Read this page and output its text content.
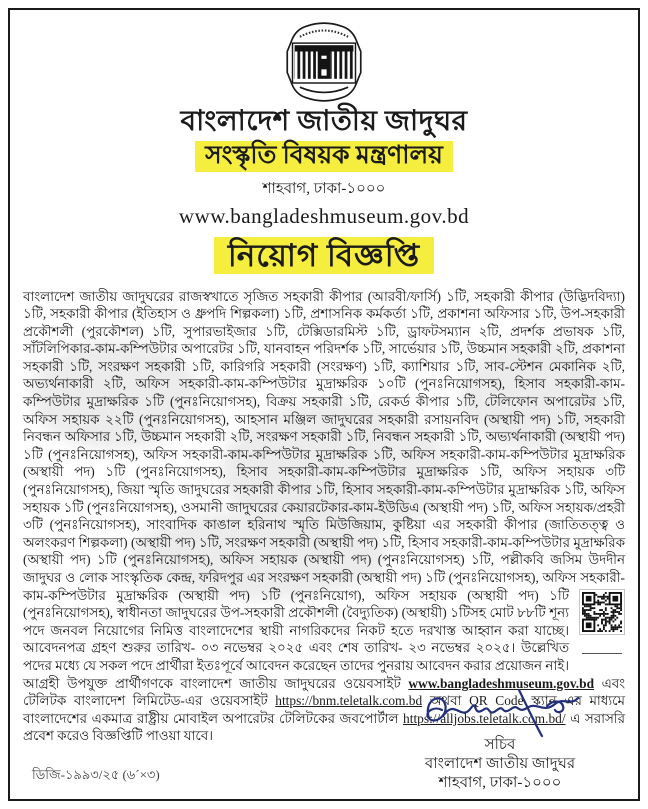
বাংলাদেশ জাতীয় জাদুঘর
সংস্কৃতি বিষয়ক মন্ত্রণালয়
শাহবাগ, ঢাকা-১০০০
www.bangladeshmuseum.gov.bd
নিয়োগ বিজ্ঞপ্তি

বাংলাদেশ জাতীয় জাদুঘরের রাজস্বখাতে সৃজিত সহকারী কীপার (আরবী/ফার্সি) ১টি, সহকারী কীপার (উদ্ভিদবিদ্যা) ১টি, সহকারী কীপার (ইতিহাস ও ধ্রুপদি শিল্পকলা) ১টি, প্রশাসনিক কর্মকর্তা ১টি, প্রকাশনা অফিসার ১টি, উপ-সহকারী প্রকৌশলী (পুরকৌশল) ১টি, সুপারভাইজার ১টি, টেক্সিডারমিস্ট ১টি, ড্রাফটসম্যান ২টি, প্রদর্শক প্রভাষক ১টি, সাঁটলিপিকার-কাম-কম্পিউটার অপারেটর ১টি, যানবাহন পরিদর্শক ১টি, সার্ভেয়ার ১টি, উচ্চমান সহকারী ২টি, প্রকাশনা সহকারী ১টি, সংরক্ষণ সহকারী ১টি, কারিগরি সহকারী (সংরক্ষণ) ১টি, ক্যাশিয়ার ১টি, সাব-স্টেশন মেকানিক ২টি, অভ্যর্থনাকারী ২টি, অফিস সহকারী-কাম-কম্পিউটার মুদ্রাক্ষরিক ১০টি (পুনঃনিয়োগসহ), হিসাব সহকারী-কাম-কম্পিউটার মুদ্রাক্ষরিক ১টি (পুনঃনিয়োগসহ), বিক্রয় সহকারী ১টি, রেকর্ড কীপার ১টি, টেলিফোন অপারেটর ১টি, অফিস সহায়ক ২২টি (পুনঃনিয়োগসহ), আহসান মঞ্জিল জাদুঘরের সহকারী রসায়নবিদ (অস্থায়ী পদ) ১টি, সহকারী নিবন্ধন অফিসার ১টি, উচ্চমান সহকারী ২টি, সংরক্ষণ সহকারী ১টি, নিবন্ধন সহকারী ১টি, অভ্যর্থনাকারী (অস্থায়ী পদ) ১টি (পুনঃনিয়োগসহ), অফিস সহকারী-কাম-কম্পিউটার মুদ্রাক্ষরিক ১টি, অফিস সহকারী-কাম-কম্পিউটার মুদ্রাক্ষরিক (অস্থায়ী পদ) ১টি (পুনঃনিয়োগসহ), হিসাব সহকারী-কাম-কম্পিউটার মুদ্রাক্ষরিক ১টি, অফিস সহায়ক ৩টি (পুনঃনিয়োগসহ), জিয়া স্মৃতি জাদুঘরের সহকারী কীপার ১টি, হিসাব সহকারী-কাম-কম্পিউটার মুদ্রাক্ষরিক ১টি, অফিস সহায়ক ১টি (পুনঃনিয়োগসহ), ওসমানী জাদুঘরের কেয়ারটেকার-কাম-ইউডিএ (অস্থায়ী পদ) ১টি, অফিস সহায়ক/প্রহরী ৩টি (পুনঃনিয়োগসহ), সাংবাদিক কাঙাল হরিনাথ স্মৃতি মিউজিয়াম, কুষ্টিয়া এর সহকারী কীপার (জাতিতত্ত্ব ও অলংকরণ শিল্পকলা) (অস্থায়ী পদ) ১টি, সংরক্ষণ সহকারী (অস্থায়ী পদ) ১টি, হিসাব সহকারী-কাম-কম্পিউটার মুদ্রাক্ষরিক (অস্থায়ী পদ) ১টি (পুনঃনিয়োগসহ), অফিস সহায়ক (অস্থায়ী পদ) (পুনঃনিয়োগসহ) ১টি, পল্লীকবি জসিম উদদীন জাদুঘর ও লোক সাংস্কৃতিক কেন্দ্র, ফরিদপুর এর সংরক্ষণ সহকারী (অস্থায়ী পদ) ১টি (পুনঃনিয়োগসহ), অফিস
সহকারী-কাম-কম্পিউটার মুদ্রাক্ষরিক (অস্থায়ী পদ) ১টি (পুনঃনিয়োগ), অফিস সহায়ক (অস্থায়ী পদ) ১টি (পুনঃনিয়োগসহ), স্বাধীনতা জাদুঘরের উপ-সহকারী প্রকৌশলী (বৈদ্যুতিক) (অস্থায়ী) ১টিসহ মোট ৮৮টি শূন্য পদে জনবল নিয়োগের নিমিত্ত বাংলাদেশের স্থায়ী নাগরিকদের নিকট হতে দরখাস্ত আহ্বান করা যাচ্ছে। আবেদনপত্র গ্রহণ শুরুর তারিখ- ০৩ নভেম্বর ২০২৫ এবং শেষ তারিখ- ২৩ নভেম্বর ২০২৫। উল্লেখিত পদের মধ্যে যে সকল পদে প্রার্থীরা ইতঃপূর্বে আবেদন করেছেন তাদের পুনরায় আবেদন করার প্রয়োজন নাই। আগ্রহী উপযুক্ত প্রার্থীগণকে বাংলাদেশ জাতীয় জাদুঘরের ওয়েবসাইট www.bangladeshmuseum.gov.bd এবং টেলিটক বাংলাদেশ লিমিটেড-এর ওয়েবসাইট https://bnm.teletalk.com.bd অথবা QR Code স্ক্যান এর মাধ্যমে বাংলাদেশের একমাত্র রাষ্ট্রীয় মোবাইল অপারেটর টেলিটকের জবপোর্টাল https://alljobs.teletalk.com.bd/ এ সরাসরি প্রবেশ করেও বিজ্ঞপ্তিটি পাওয়া যাবে।

সচিব
বাংলাদেশ জাতীয় জাদুঘর
শাহবাগ, ঢাকা-১০০০
ডিজি-১৯৯৩/২৫ (৬´×৩)
